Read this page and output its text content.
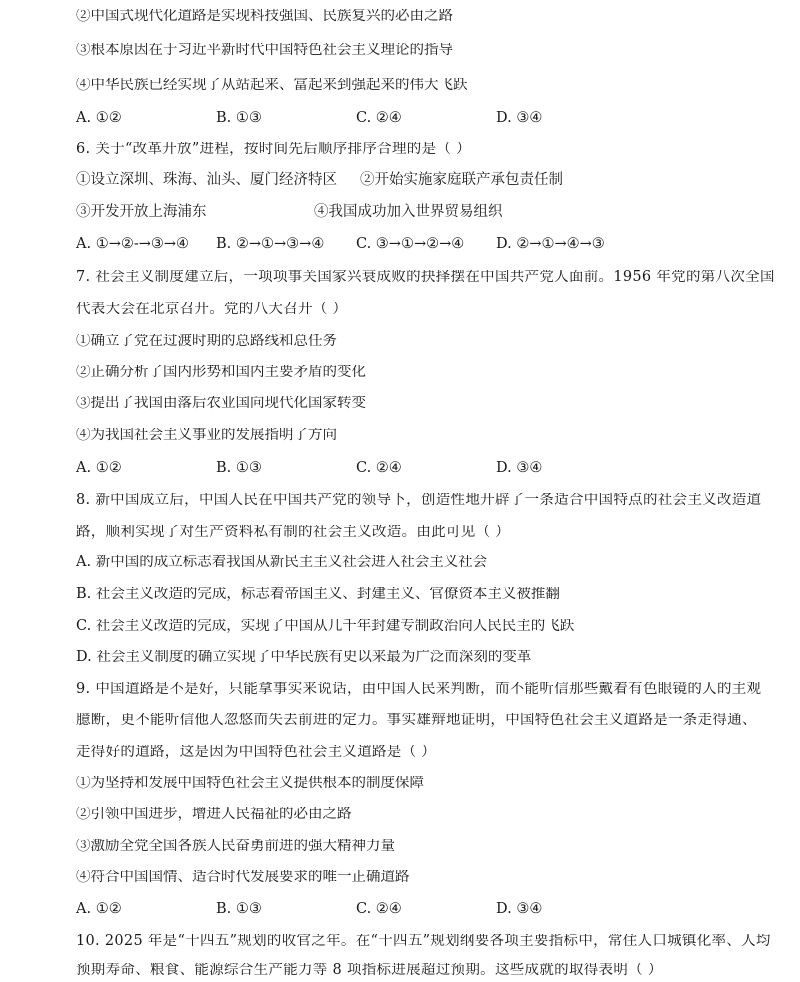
②中国式现代化道路是实现科技强国、民族复兴的必由之路
③根本原因在于习近平新时代中国特色社会主义理论的指导
④中华民族已经实现了从站起来、富起来到强起来的伟大飞跃
A. ①②	B. ①③	C. ②④	D. ③④
6. 关于“改革开放”进程，按时间先后顺序排序合理的是（ ）
①设立深圳、珠海、汕头、厦门经济特区 ②开始实施家庭联产承包责任制
③开发开放上海浦东	④我国成功加入世界贸易组织
A. ①→②-→③→④ B. ②→①→③→④ C. ③→①→②→④ D. ②→①→④→③
7. 社会主义制度建立后，一项项事关国家兴衰成败的抉择摆在中国共产党人面前。1956 年党的第八次全国
代表大会在北京召开。党的八大召开（ ）
①确立了党在过渡时期的总路线和总任务
②正确分析了国内形势和国内主要矛盾的变化
③提出了我国由落后农业国向现代化国家转变
④为我国社会主义事业的发展指明了方向
A. ①②	B. ①③	C. ②④	D. ③④
8. 新中国成立后，中国人民在中国共产党的领导下，创造性地开辟了一条适合中国特点的社会主义改造道
路，顺利实现了对生产资料私有制的社会主义改造。由此可见（ ）
A. 新中国的成立标志着我国从新民主主义社会进入社会主义社会
B. 社会主义改造的完成，标志着帝国主义、封建主义、官僚资本主义被推翻
C. 社会主义改造的完成，实现了中国从几千年封建专制政治向人民民主的飞跃
D. 社会主义制度的确立实现了中华民族有史以来最为广泛而深刻的变革
9. 中国道路是不是好，只能拿事实来说话，由中国人民来判断，而不能听信那些戴着有色眼镜的人的主观
臆断，更不能听信他人忽悠而失去前进的定力。事实雄辩地证明，中国特色社会主义道路是一条走得通、
走得好的道路，这是因为中国特色社会主义道路是（ ）
①为坚持和发展中国特色社会主义提供根本的制度保障
②引领中国进步，增进人民福祉的必由之路
③激励全党全国各族人民奋勇前进的强大精神力量
④符合中国国情、适合时代发展要求的唯一正确道路
A. ①②	B. ①③	C. ②④	D. ③④
10. 2025 年是“十四五”规划的收官之年。在“十四五”规划纲要各项主要指标中，常住人口城镇化率、人均
预期寿命、粮食、能源综合生产能力等 8 项指标进展超过预期。这些成就的取得表明（ ）
